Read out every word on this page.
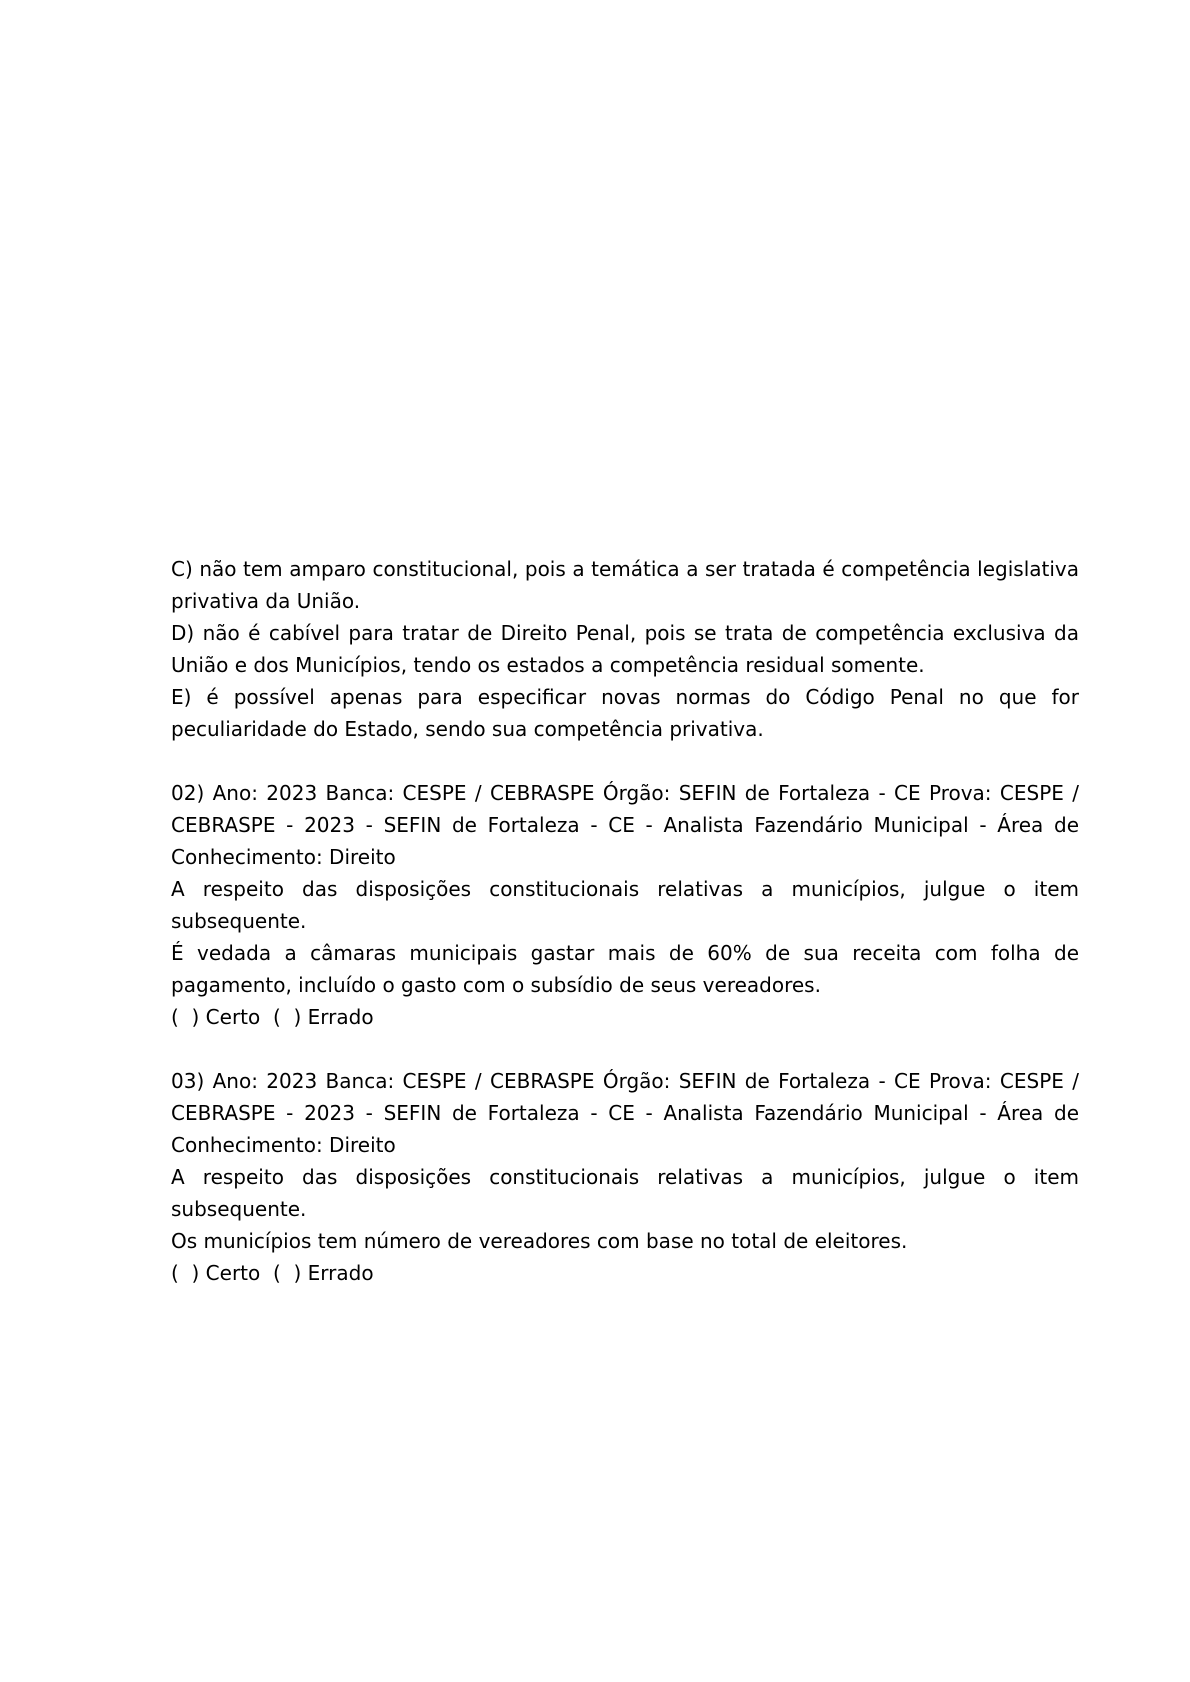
C) não tem amparo constitucional, pois a temática a ser tratada é competência legislativa privativa da União.

D) não é cabível para tratar de Direito Penal, pois se trata de competência exclusiva da União e dos Municípios, tendo os estados a competência residual somente.

E) é possível apenas para especificar novas normas do Código Penal no que for peculiaridade do Estado, sendo sua competência privativa.

02) Ano: 2023 Banca: CESPE / CEBRASPE Órgão: SEFIN de Fortaleza - CE Prova: CESPE / CEBRASPE - 2023 - SEFIN de Fortaleza - CE - Analista Fazendário Municipal - Área de Conhecimento: Direito

A respeito das disposições constitucionais relativas a municípios, julgue o item subsequente.

É vedada a câmaras municipais gastar mais de 60% de sua receita com folha de pagamento, incluído o gasto com o subsídio de seus vereadores.

(  ) Certo  (  ) Errado

03) Ano: 2023 Banca: CESPE / CEBRASPE Órgão: SEFIN de Fortaleza - CE Prova: CESPE / CEBRASPE - 2023 - SEFIN de Fortaleza - CE - Analista Fazendário Municipal - Área de Conhecimento: Direito

A respeito das disposições constitucionais relativas a municípios, julgue o item subsequente.

Os municípios tem número de vereadores com base no total de eleitores.

(  ) Certo  (  ) Errado
